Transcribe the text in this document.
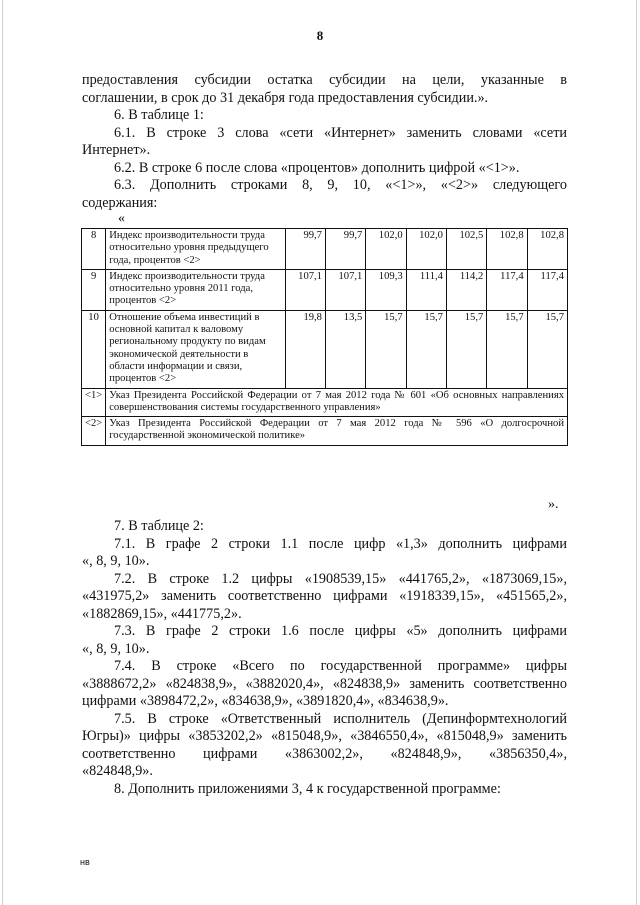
8

предоставления субсидии остатка субсидии на цели, указанные в

соглашении, в срок до 31 декабря года предоставления субсидии.».

6. В таблице 1:

6.1. В строке 3 слова «сети «Интернет» заменить словами «сети

Интернет».

6.2. В строке 6 после слова «процентов» дополнить цифрой «<1>».

6.3. Дополнить строками 8, 9, 10, «<1>», «<2>» следующего

содержания:

«
8	Индекс производительности труда относительно уровня предыдущего года, процентов <2>	99,7	99,7	102,0	102,0	102,5	102,8	102,8
9	Индекс производительности труда относительно уровня 2011 года, процентов <2>	107,1	107,1	109,3	111,4	114,2	117,4	117,4
10	Отношение объема инвестиций в основной капитал к валовому региональному продукту по видам экономической деятельности в области информации и связи, процентов <2>	19,8	13,5	15,7	15,7	15,7	15,7	15,7
<1>	Указ Президента Российской Федерации от 7 мая 2012 года № 601 «Об основных направлениях совершенствования системы государственного управления»							
<2>	Указ Президента Российской Федерации от 7 мая 2012 года № 596 «О долгосрочной государственной экономической политике»							
».

7. В таблице 2:

7.1. В графе 2 строки 1.1 после цифр «1,3» дополнить цифрами

«, 8, 9, 10».

7.2. В строке 1.2 цифры «1908539,15» «441765,2», «1873069,15»,

«431975,2» заменить соответственно цифрами «1918339,15», «451565,2»,

«1882869,15», «441775,2».

7.3. В графе 2 строки 1.6 после цифры «5» дополнить цифрами

«, 8, 9, 10».

7.4. В строке «Всего по государственной программе» цифры

«3888672,2» «824838,9», «3882020,4», «824838,9» заменить соответственно

цифрами «3898472,2», «834638,9», «3891820,4», «834638,9».

7.5. В строке «Ответственный исполнитель (Депинформтехнологий

Югры)» цифры «3853202,2» «815048,9», «3846550,4», «815048,9» заменить

соответственно цифрами «3863002,2», «824848,9», «3856350,4»,

«824848,9».

8. Дополнить приложениями 3, 4 к государственной программе:

нв
